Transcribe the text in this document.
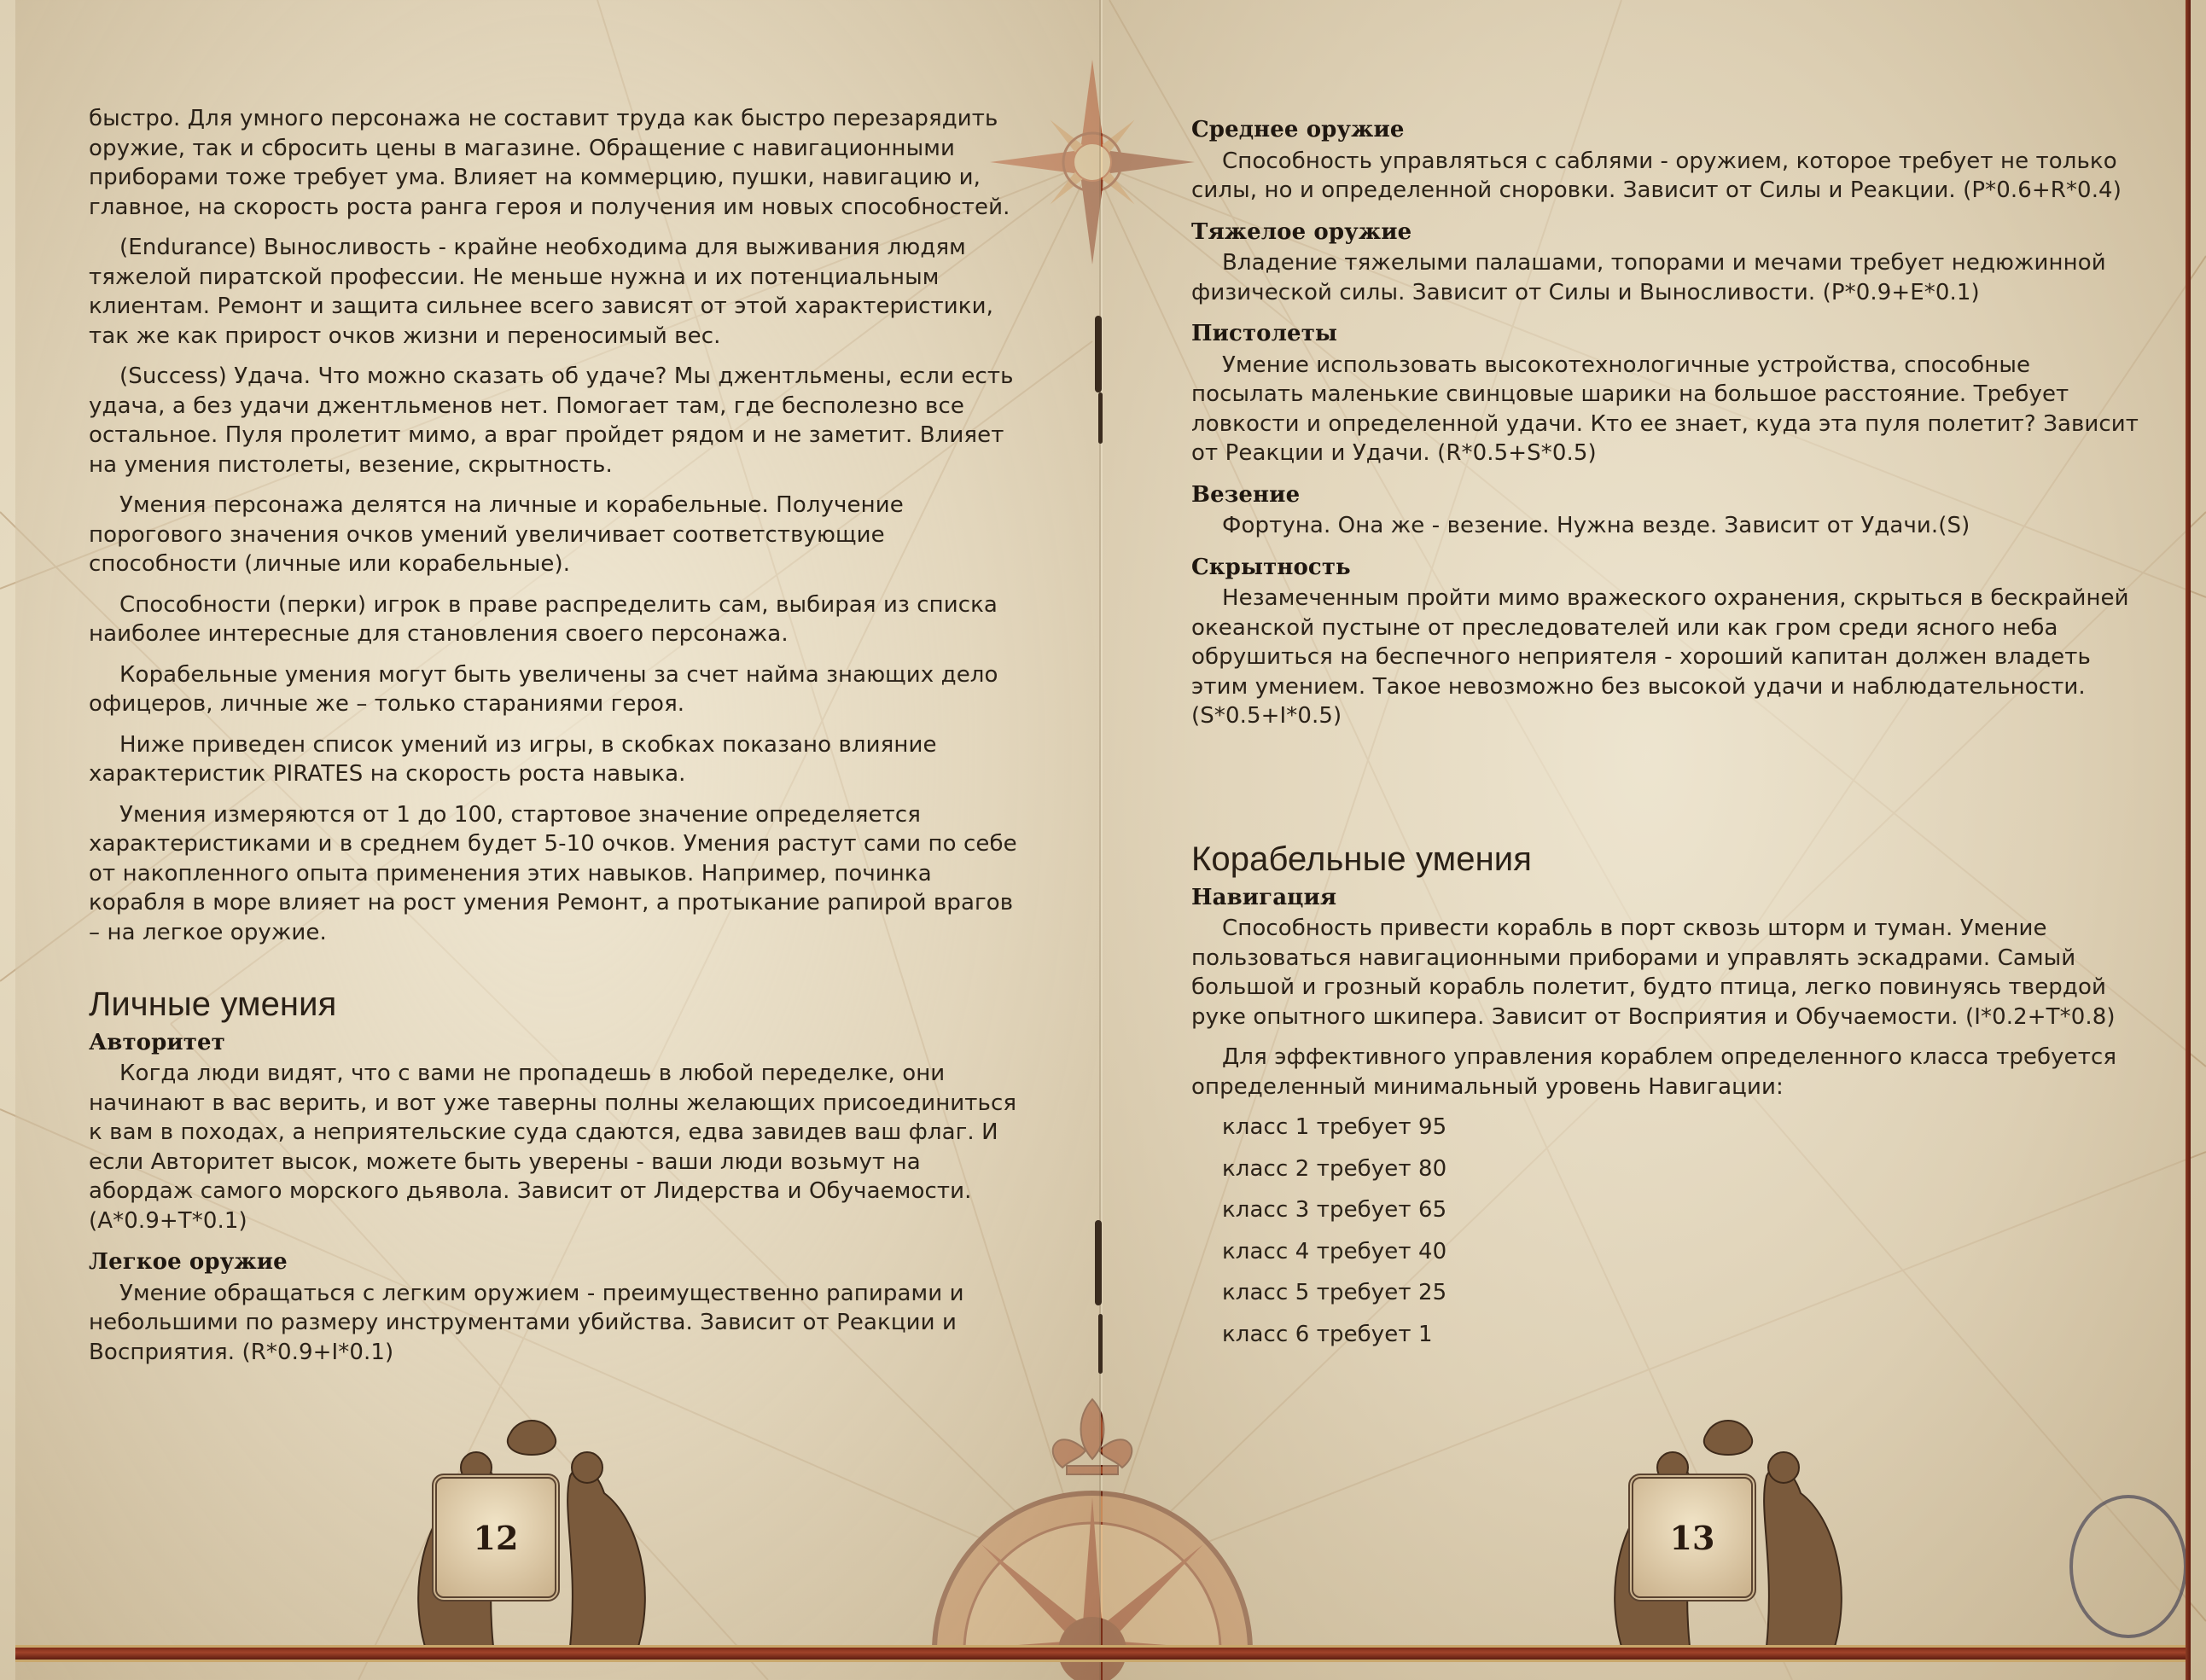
быстро. Для умного персонажа не составит труда как быстро перезарядить оружие, так и сбросить цены в магазине. Обращение с навигационными приборами тоже требует ума. Влияет на коммерцию, пушки, навигацию и, главное, на скорость роста ранга героя и получения им новых способностей.

(Endurance) Выносливость - крайне необходима для выживания людям тяжелой пиратской профессии. Не меньше нужна и их потенциальным клиентам. Ремонт и защита сильнее всего зависят от этой характеристики, так же как прирост очков жизни и переносимый вес.

(Success) Удача. Что можно сказать об удаче? Мы джентльмены, если есть удача, а без удачи джентльменов нет. Помогает там, где бесполезно все остальное. Пуля пролетит мимо, а враг пройдет рядом и не заметит. Влияет на умения пистолеты, везение, скрытность.

Умения персонажа делятся на личные и корабельные. Получение порогового значения очков умений увеличивает соответствующие способности (личные или корабельные).

Способности (перки) игрок в праве распределить сам, выбирая из списка наиболее интересные для становления своего персонажа.

Корабельные умения могут быть увеличены за счет найма знающих дело офицеров, личные же – только стараниями героя.

Ниже приведен список умений из игры, в скобках показано влияние характеристик PIRATES на скорость роста навыка.

Умения измеряются от 1 до 100, стартовое значение определяется характеристиками и в среднем будет 5-10 очков. Умения растут сами по себе от накопленного опыта применения этих навыков. Например, починка корабля в море влияет на рост умения Ремонт, а протыкание рапирой врагов – на легкое оружие.

Личные умения
Авторитет

Когда люди видят, что с вами не пропадешь в любой переделке, они начинают в вас верить, и вот уже таверны полны желающих присоединиться к вам в походах, а неприятельские суда сдаются, едва завидев ваш флаг. И если Авторитет высок, можете быть уверены - ваши люди возьмут на абордаж самого морского дьявола. Зависит от Лидерства и Обучаемости. (A*0.9+T*0.1)

Легкое оружие

Умение обращаться с легким оружием - преимущественно рапирами и небольшими по размеру инструментами убийства. Зависит от Реакции и Восприятия. (R*0.9+I*0.1)

12
Среднее оружие

Способность управляться с саблями - оружием, которое требует не только силы, но и определенной сноровки. Зависит от Силы и Реакции. (P*0.6+R*0.4)

Тяжелое оружие

Владение тяжелыми палашами, топорами и мечами требует недюжинной физической силы. Зависит от Силы и Выносливости. (P*0.9+E*0.1)

Пистолеты

Умение использовать высокотехнологичные устройства, способные посылать маленькие свинцовые шарики на большое расстояние. Требует ловкости и определенной удачи. Кто ее знает, куда эта пуля полетит? Зависит от Реакции и Удачи. (R*0.5+S*0.5)

Везение

Фортуна. Она же - везение. Нужна везде. Зависит от Удачи.(S)

Скрытность

Незамеченным пройти мимо вражеского охранения, скрыться в бескрайней океанской пустыне от преследователей или как гром среди ясного неба обрушиться на беспечного неприятеля - хороший капитан должен владеть этим умением. Такое невозможно без высокой удачи и наблюдательности. (S*0.5+I*0.5)

Корабельные умения
Навигация

Способность привести корабль в порт сквозь шторм и туман. Умение пользоваться навигационными приборами и управлять эскадрами. Самый большой и грозный корабль полетит, будто птица, легко повинуясь твердой руке опытного шкипера. Зависит от Восприятия и Обучаемости. (I*0.2+T*0.8)

Для эффективного управления кораблем определенного класса требуется определенный минимальный уровень Навигации:

класс 1 требует 95
класс 2 требует 80
класс 3 требует 65
класс 4 требует 40
класс 5 требует 25
класс 6 требует 1
13
